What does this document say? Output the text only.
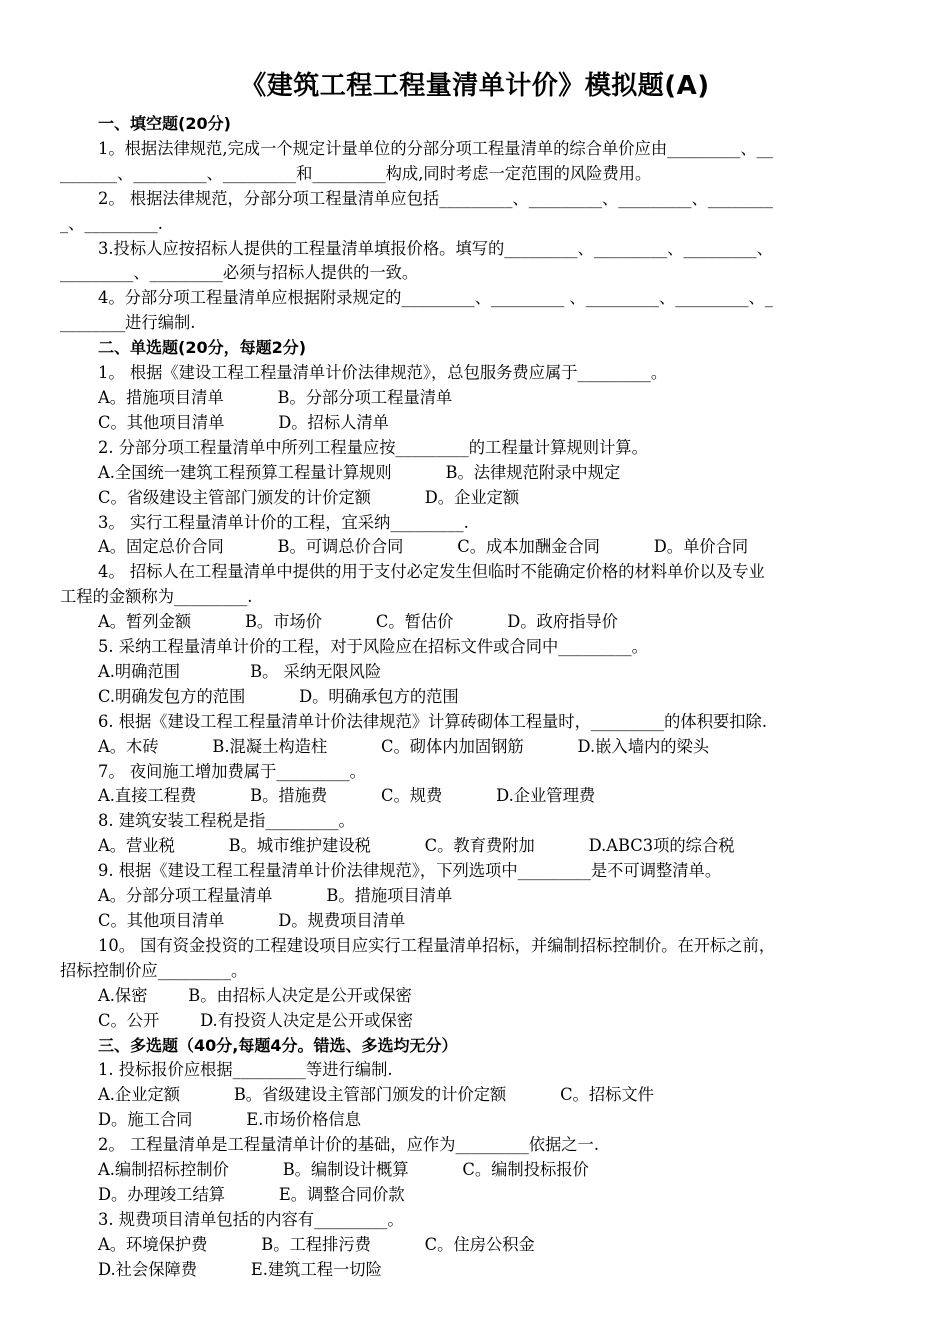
《建筑工程工程量清单计价》模拟题(A)
一、填空题(20分)
1。根据法律规范,完成一个规定计量单位的分部分项工程量清单的综合单价应由_________、__
_______、_________、_________和_________构成,同时考虑一定范围的风险费用。
2。 根据法律规范，分部分项工程量清单应包括_________、_________、_________、________
_、_________.
3.投标人应按招标人提供的工程量清单填报价格。填写的_________、_________、_________、
_________、_________必须与招标人提供的一致。
4。分部分项工程量清单应根据附录规定的_________、_________ 、_________、_________、_
________进行编制.
二、单选题(20分，每题2分)
1。 根据《建设工程工程量清单计价法律规范》，总包服务费应属于_________。
A。措施项目清单	B。分部分项工程量清单
C。其他项目清单	D。招标人清单
2. 分部分项工程量清单中所列工程量应按_________的工程量计算规则计算。
A.全国统一建筑工程预算工程量计算规则	B。法律规范附录中规定
C。省级建设主管部门颁发的计价定额	D。企业定额
3。 实行工程量清单计价的工程，宜采纳_________.
A。固定总价合同	B。可调总价合同	C。成本加酬金合同	D。单价合同
4。 招标人在工程量清单中提供的用于支付必定发生但临时不能确定价格的材料单价以及专业
工程的金额称为_________.
A。暂列金额	B。市场价	C。暂估价	D。政府指导价
5. 采纳工程量清单计价的工程，对于风险应在招标文件或合同中_________。
A.明确范围	B。 采纳无限风险
C.明确发包方的范围	D。明确承包方的范围
6. 根据《建设工程工程量清单计价法律规范》计算砖砌体工程量时，_________的体积要扣除.
A。木砖	B.混凝土构造柱	C。砌体内加固钢筋	D.嵌入墙内的梁头
7。 夜间施工增加费属于_________。
A.直接工程费	B。措施费	C。规费	D.企业管理费
8. 建筑安装工程税是指_________。
A。营业税	B。城市维护建设税	C。教育费附加	D.ABC3项的综合税
9. 根据《建设工程工程量清单计价法律规范》，下列选项中_________是不可调整清单。
A。分部分项工程量清单	B。措施项目清单
C。其他项目清单	D。规费项目清单
10。 国有资金投资的工程建设项目应实行工程量清单招标，并编制招标控制价。在开标之前，
招标控制价应_________。
A.保密	B。由招标人决定是公开或保密
C。公开	D.有投资人决定是公开或保密
三、多选题（40分,每题4分。错选、多选均无分）
1. 投标报价应根据_________等进行编制.
A.企业定额	B。省级建设主管部门颁发的计价定额	C。招标文件
D。施工合同	E.市场价格信息
2。 工程量清单是工程量清单计价的基础，应作为_________依据之一.
A.编制招标控制价	B。编制设计概算	C。编制投标报价
D。办理竣工结算	E。调整合同价款
3. 规费项目清单包括的内容有_________。
A。环境保护费	B。工程排污费	C。住房公积金
D.社会保障费	E.建筑工程一切险
